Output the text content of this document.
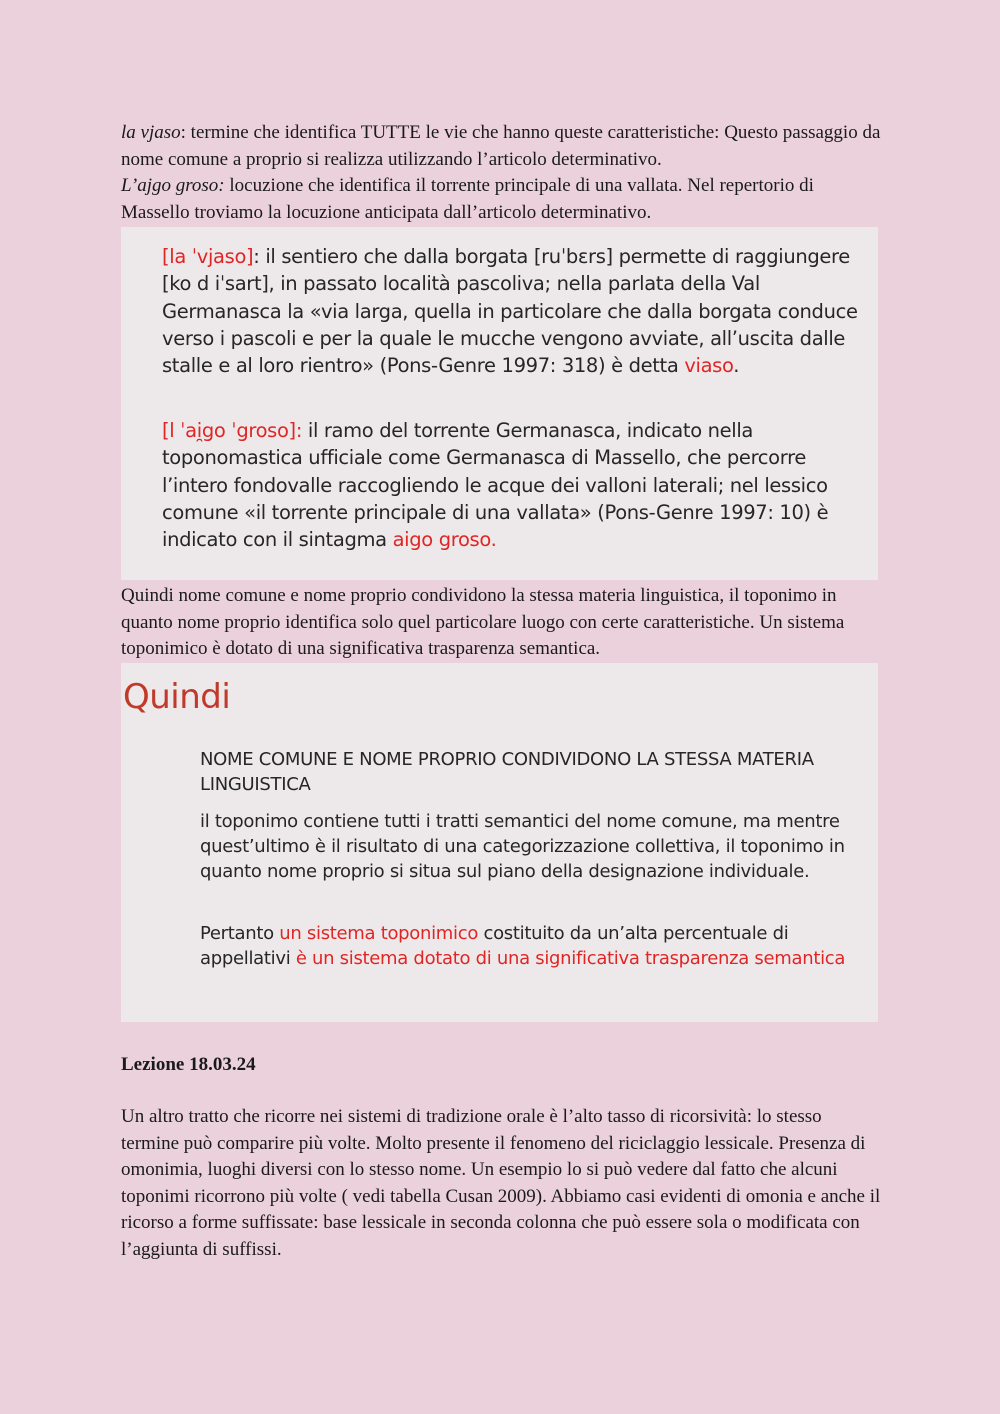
la vjaso: termine che identifica TUTTE le vie che hanno queste caratteristiche: Questo passaggio da nome comune a proprio si realizza utilizzando l’articolo determinativo.
L’ajgo groso: locuzione che identifica il torrente principale di una vallata. Nel repertorio di Massello troviamo la locuzione anticipata dall’articolo determinativo.

[la ˈvjaso]: il sentiero che dalla borgata [ruˈbɛrs] permette di raggiungere [ko d iˈsart], in passato località pascoliva; nella parlata della Val Germanasca la «via larga, quella in particolare che dalla borgata conduce verso i pascoli e per la quale le mucche vengono avviate, all’uscita dalle stalle e al loro rientro» (Pons-Genre 1997: 318) è detta viaso.

[l ˈai̯go ˈgroso]: il ramo del torrente Germanasca, indicato nella toponomastica ufficiale come Germanasca di Massello, che percorre l’intero fondovalle raccogliendo le acque dei valloni laterali; nel lessico comune «il torrente principale di una vallata» (Pons-Genre 1997: 10) è indicato con il sintagma aigo groso.

Quindi nome comune e nome proprio condividono la stessa materia linguistica, il toponimo in quanto nome proprio identifica solo quel particolare luogo con certe caratteristiche. Un sistema toponimico è dotato di una significativa trasparenza semantica.

Quindi

NOME COMUNE E NOME PROPRIO CONDIVIDONO LA STESSA MATERIA LINGUISTICA

il toponimo contiene tutti i tratti semantici del nome comune, ma mentre quest’ultimo è il risultato di una categorizzazione collettiva, il toponimo in quanto nome proprio si situa sul piano della designazione individuale.

Pertanto un sistema toponimico costituito da un’alta percentuale di appellativi è un sistema dotato di una significativa trasparenza semantica

Lezione 18.03.24

Un altro tratto che ricorre nei sistemi di tradizione orale è l’alto tasso di ricorsività: lo stesso termine può comparire più volte. Molto presente il fenomeno del riciclaggio lessicale. Presenza di omonimia, luoghi diversi con lo stesso nome. Un esempio lo si può vedere dal fatto che alcuni toponimi ricorrono più volte ( vedi tabella Cusan 2009). Abbiamo casi evidenti di omonia e anche il ricorso a forme suffissate: base lessicale in seconda colonna che può essere sola o modificata con l’aggiunta di suffissi.
